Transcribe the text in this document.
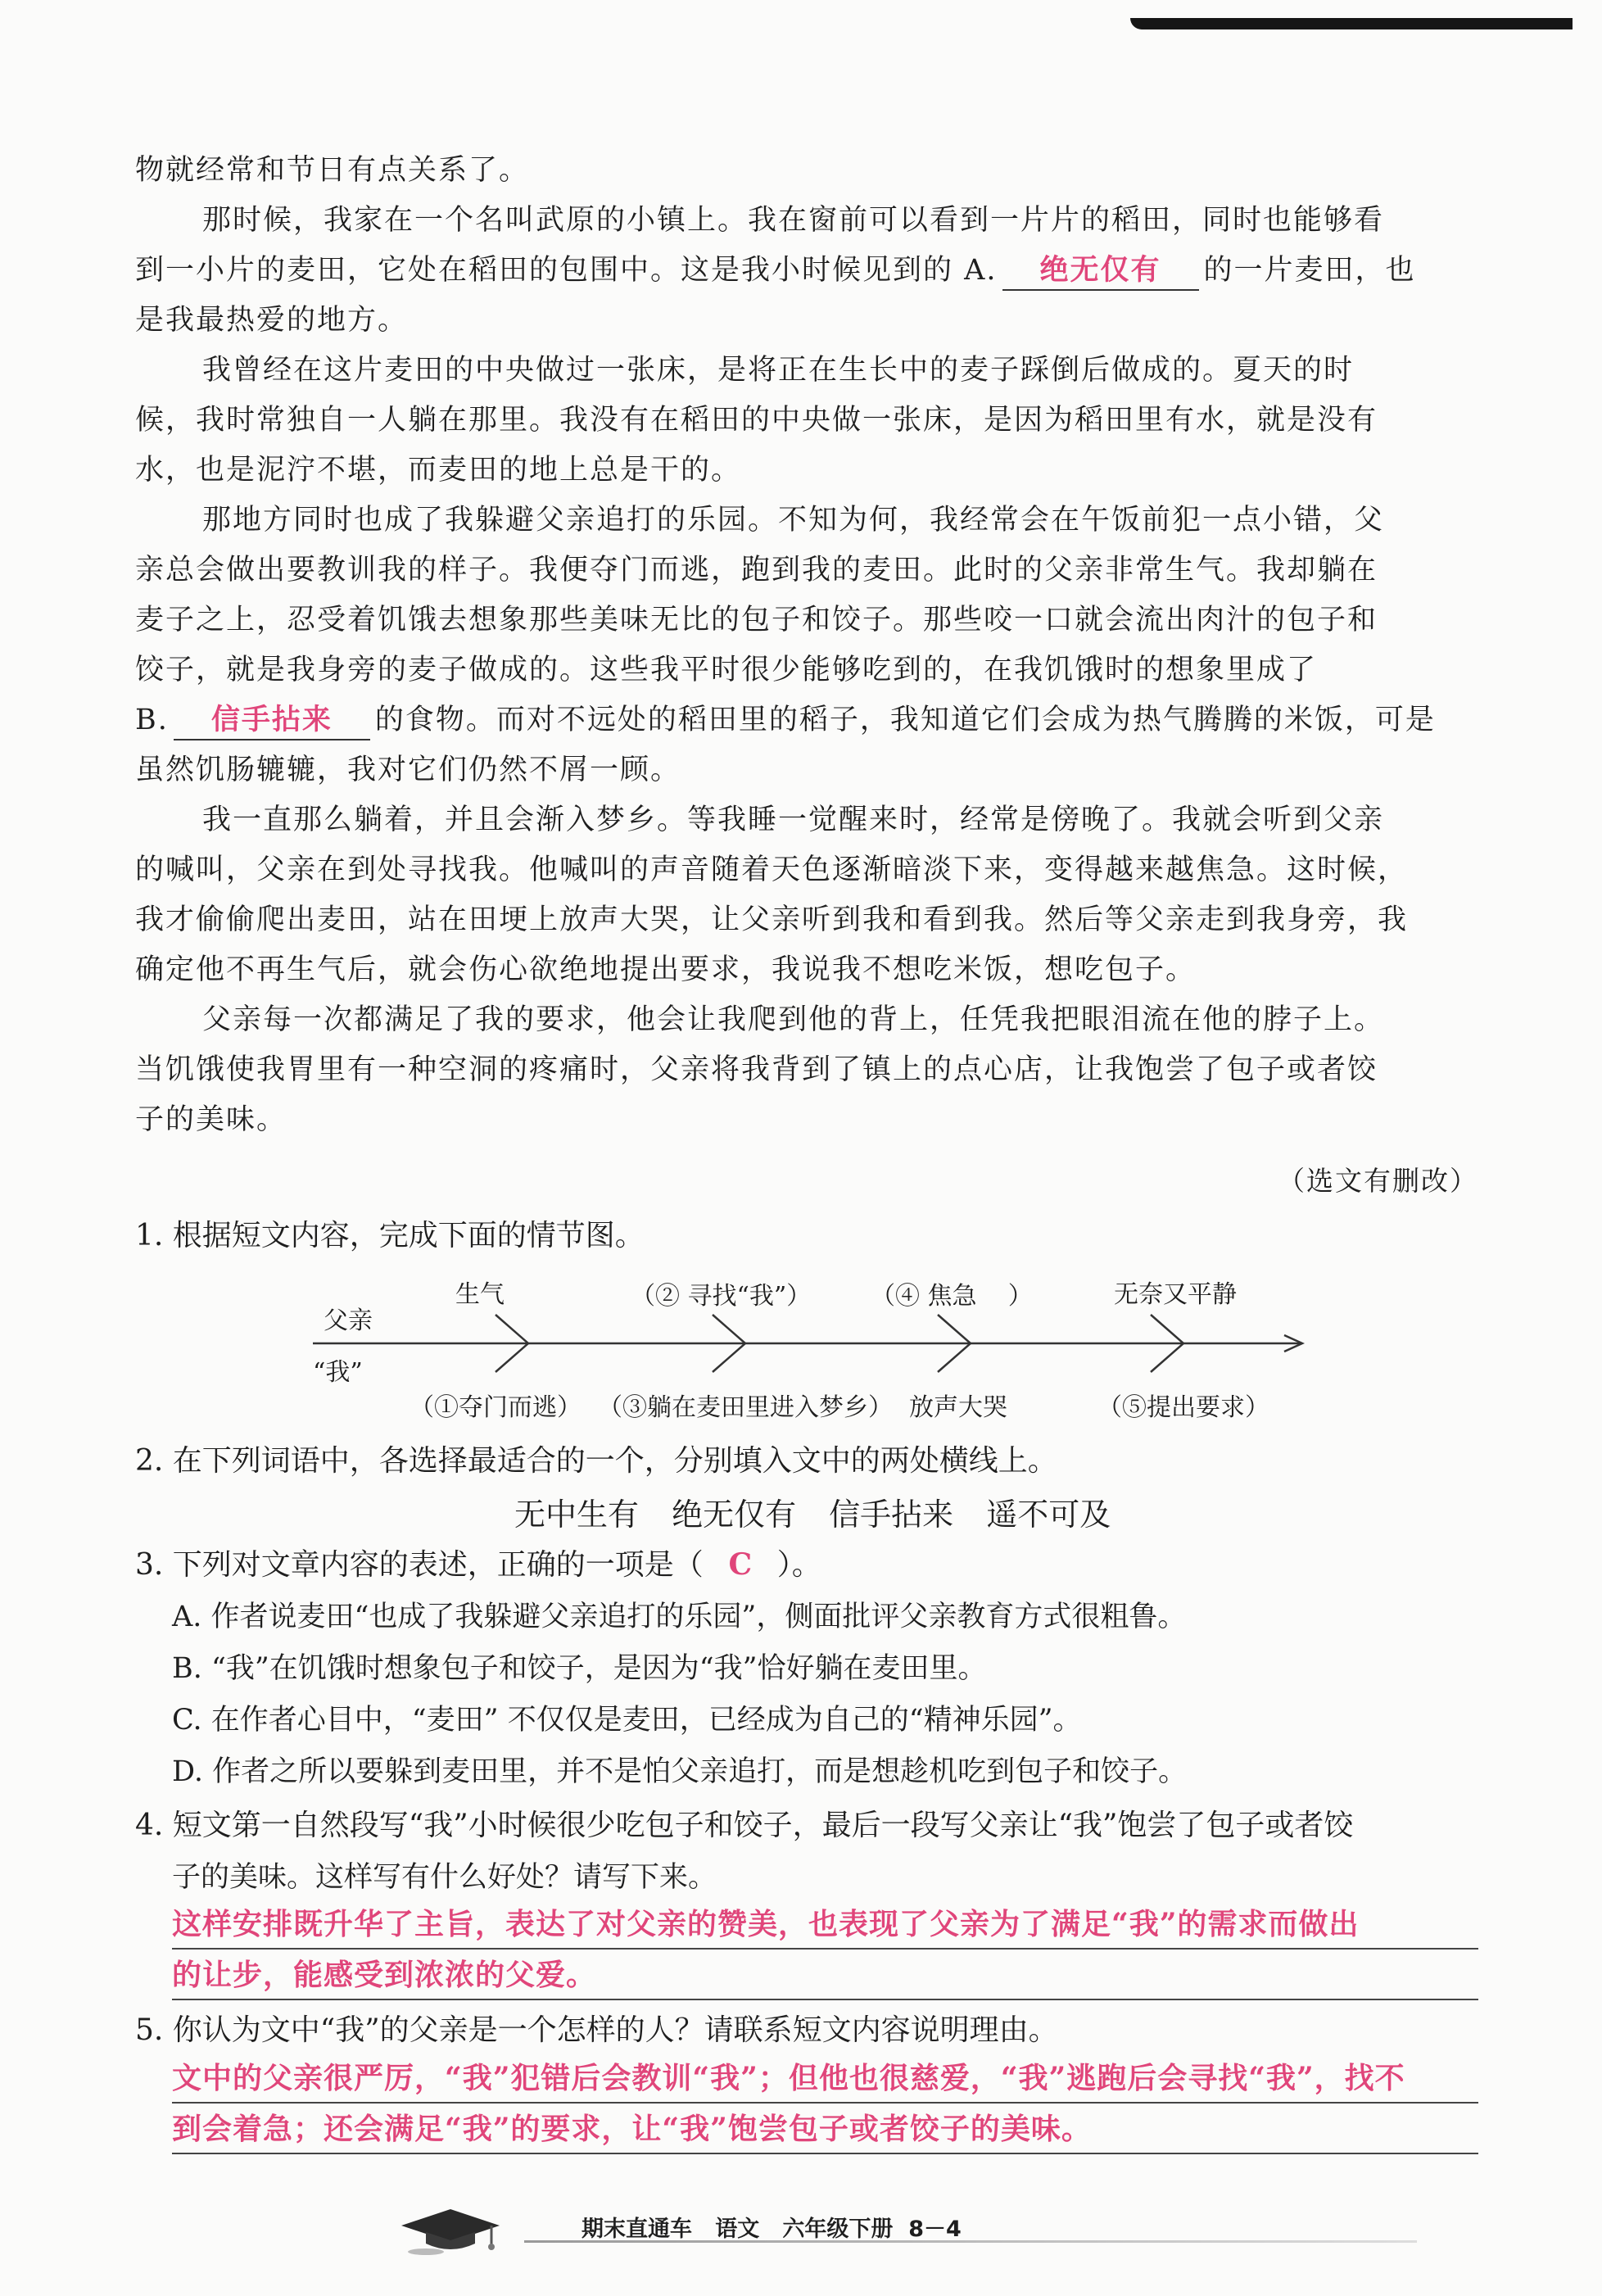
物就经常和节日有点关系了。
那时候，我家在一个名叫武原的小镇上。我在窗前可以看到一片片的稻田，同时也能够看
到一小片的麦田，它处在稻田的包围中。这是我小时候见到的 A. 绝无仅有 的一片麦田，也
是我最热爱的地方。
我曾经在这片麦田的中央做过一张床，是将正在生长中的麦子踩倒后做成的。夏天的时
候，我时常独自一人躺在那里。我没有在稻田的中央做一张床，是因为稻田里有水，就是没有
水，也是泥泞不堪，而麦田的地上总是干的。
那地方同时也成了我躲避父亲追打的乐园。不知为何，我经常会在午饭前犯一点小错，父
亲总会做出要教训我的样子。我便夺门而逃，跑到我的麦田。此时的父亲非常生气。我却躺在
麦子之上，忍受着饥饿去想象那些美味无比的包子和饺子。那些咬一口就会流出肉汁的包子和
饺子，就是我身旁的麦子做成的。这些我平时很少能够吃到的，在我饥饿时的想象里成了
B. 信手拈来 的食物。而对不远处的稻田里的稻子，我知道它们会成为热气腾腾的米饭，可是
虽然饥肠辘辘，我对它们仍然不屑一顾。
我一直那么躺着，并且会渐入梦乡。等我睡一觉醒来时，经常是傍晚了。我就会听到父亲
的喊叫，父亲在到处寻找我。他喊叫的声音随着天色逐渐暗淡下来，变得越来越焦急。这时候，
我才偷偷爬出麦田，站在田埂上放声大哭，让父亲听到我和看到我。然后等父亲走到我身旁，我
确定他不再生气后，就会伤心欲绝地提出要求，我说我不想吃米饭，想吃包子。
父亲每一次都满足了我的要求，他会让我爬到他的背上，任凭我把眼泪流在他的脖子上。
当饥饿使我胃里有一种空洞的疼痛时，父亲将我背到了镇上的点心店，让我饱尝了包子或者饺
子的美味。
（选文有删改）
1. 根据短文内容，完成下面的情节图。
父亲
“我”
生气	（② 寻找“我”） （④ 焦急 ）	无奈又平静
（①夺门而逃） （③躺在麦田里进入梦乡） 放声大哭	（⑤提出要求）
2. 在下列词语中，各选择最适合的一个，分别填入文中的两处横线上。
无中生有 绝无仅有 信手拈来 遥不可及
3. 下列对文章内容的表述，正确的一项是（ C ）。
A. 作者说麦田“也成了我躲避父亲追打的乐园”，侧面批评父亲教育方式很粗鲁。
B. “我”在饥饿时想象包子和饺子，是因为“我”恰好躺在麦田里。
C. 在作者心目中，“麦田” 不仅仅是麦田，已经成为自己的“精神乐园”。
D. 作者之所以要躲到麦田里，并不是怕父亲追打，而是想趁机吃到包子和饺子。
4. 短文第一自然段写“我”小时候很少吃包子和饺子，最后一段写父亲让“我”饱尝了包子或者饺
子的美味。这样写有什么好处？请写下来。
这样安排既升华了主旨，表达了对父亲的赞美，也表现了父亲为了满足“我”的需求而做出
的让步，能感受到浓浓的父爱。
5. 你认为文中“我”的父亲是一个怎样的人？请联系短文内容说明理由。
文中的父亲很严厉，“我”犯错后会教训“我”；但他也很慈爱，“我”逃跑后会寻找“我”，找不
到会着急；还会满足“我”的要求，让“我”饱尝包子或者饺子的美味。
期末直通车 语文 六年级下册 8－4
